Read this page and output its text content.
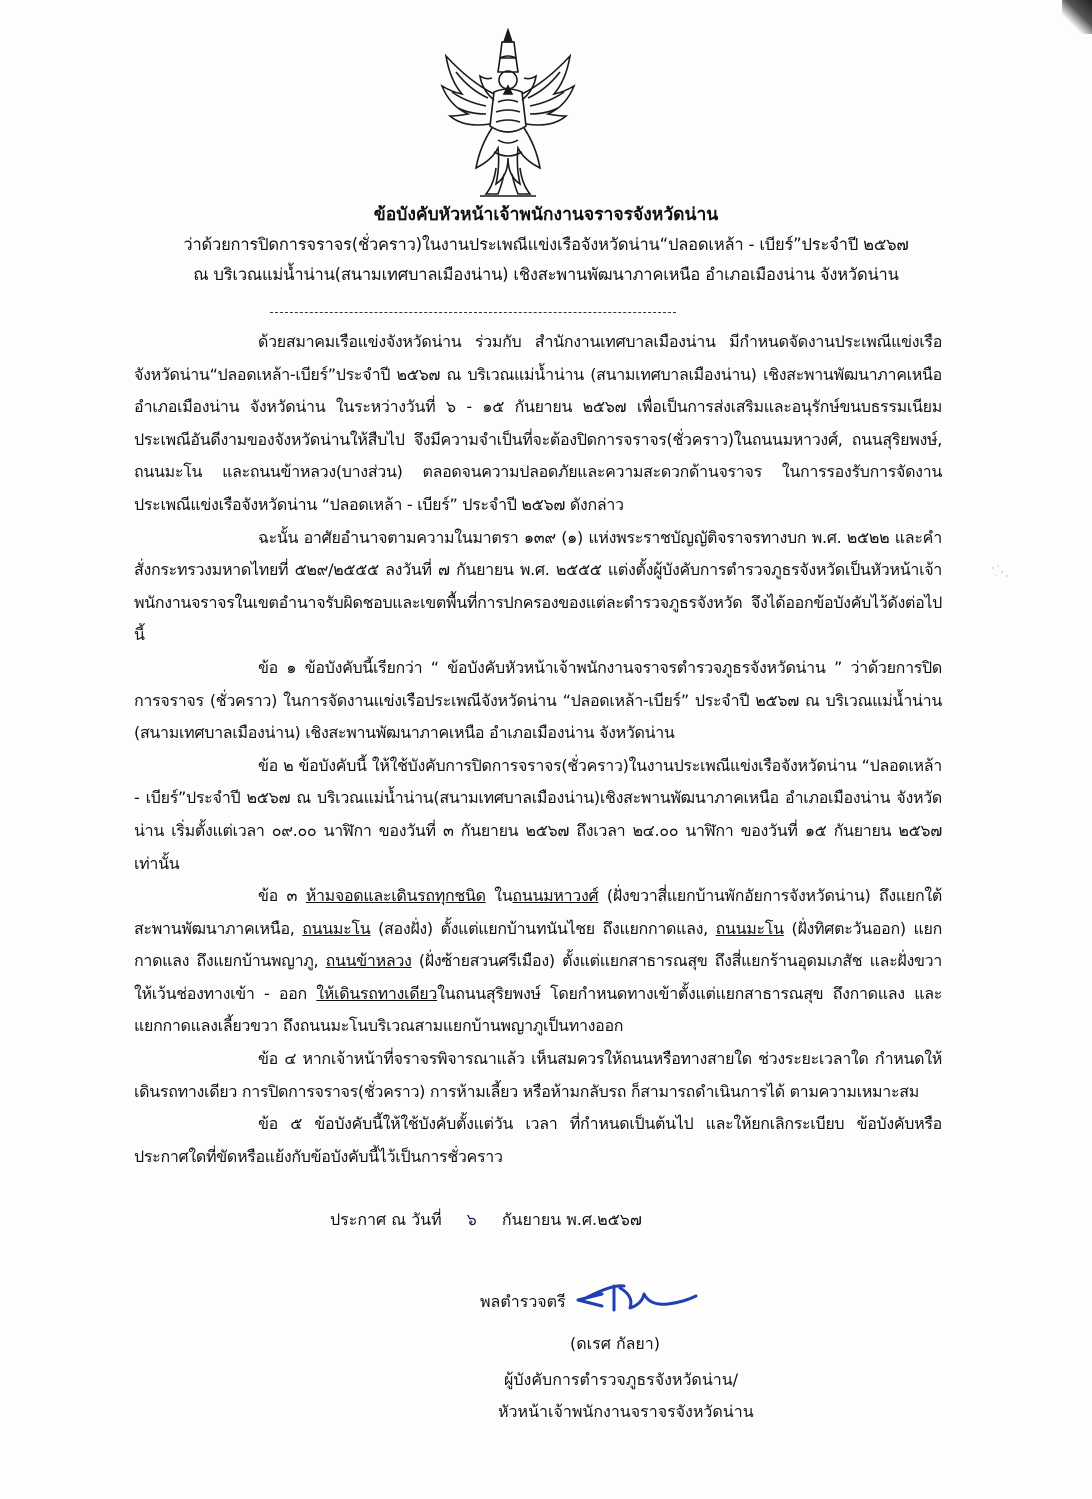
ข้อบังคับหัวหน้าเจ้าพนักงานจราจรจังหวัดน่าน
ว่าด้วยการปิดการจราจร(ชั่วคราว)ในงานประเพณีแข่งเรือจังหวัดน่าน“ปลอดเหล้า - เบียร์”ประจำปี ๒๕๖๗
ณ บริเวณแม่น้ำน่าน(สนามเทศบาลเมืองน่าน) เชิงสะพานพัฒนาภาคเหนือ อำเภอเมืองน่าน จังหวัดน่าน

ด้วยสมาคมเรือแข่งจังหวัดน่าน ร่วมกับ สำนักงานเทศบาลเมืองน่าน มีกำหนดจัดงานประเพณีแข่งเรือจังหวัดน่าน“ปลอดเหล้า-เบียร์”ประจำปี ๒๕๖๗ ณ บริเวณแม่น้ำน่าน (สนามเทศบาลเมืองน่าน) เชิงสะพานพัฒนาภาคเหนือ อำเภอเมืองน่าน จังหวัดน่าน ในระหว่างวันที่ ๖ - ๑๕ กันยายน ๒๕๖๗ เพื่อเป็นการส่งเสริมและอนุรักษ์ขนบธรรมเนียมประเพณีอันดีงามของจังหวัดน่านให้สืบไป จึงมีความจำเป็นที่จะต้องปิดการจราจร(ชั่วคราว)ในถนนมหาวงศ์, ถนนสุริยพงษ์, ถนนมะโน และถนนข้าหลวง(บางส่วน) ตลอดจนความปลอดภัยและความสะดวกด้านจราจร ในการรองรับการจัดงานประเพณีแข่งเรือจังหวัดน่าน “ปลอดเหล้า - เบียร์” ประจำปี ๒๕๖๗ ดังกล่าว

ฉะนั้น อาศัยอำนาจตามความในมาตรา ๑๓๙ (๑) แห่งพระราชบัญญัติจราจรทางบก พ.ศ. ๒๕๒๒ และคำสั่งกระทรวงมหาดไทยที่ ๕๒๙/๒๕๕๕ ลงวันที่ ๗ กันยายน พ.ศ. ๒๕๕๕ แต่งตั้งผู้บังคับการตำรวจภูธรจังหวัดเป็นหัวหน้าเจ้าพนักงานจราจรในเขตอำนาจรับผิดชอบและเขตพื้นที่การปกครองของแต่ละตำรวจภูธรจังหวัด จึงได้ออกข้อบังคับไว้ดังต่อไปนี้

ข้อ ๑ ข้อบังคับนี้เรียกว่า “ ข้อบังคับหัวหน้าเจ้าพนักงานจราจรตำรวจภูธรจังหวัดน่าน ” ว่าด้วยการปิดการจราจร (ชั่วคราว) ในการจัดงานแข่งเรือประเพณีจังหวัดน่าน “ปลอดเหล้า-เบียร์” ประจำปี ๒๕๖๗ ณ บริเวณแม่น้ำน่าน (สนามเทศบาลเมืองน่าน) เชิงสะพานพัฒนาภาคเหนือ อำเภอเมืองน่าน จังหวัดน่าน

ข้อ ๒ ข้อบังคับนี้ ให้ใช้บังคับการปิดการจราจร(ชั่วคราว)ในงานประเพณีแข่งเรือจังหวัดน่าน “ปลอดเหล้า - เบียร์”ประจำปี ๒๕๖๗ ณ บริเวณแม่น้ำน่าน(สนามเทศบาลเมืองน่าน)เชิงสะพานพัฒนาภาคเหนือ อำเภอเมืองน่าน จังหวัดน่าน เริ่มตั้งแต่เวลา ๐๙.๐๐ นาฬิกา ของวันที่ ๓ กันยายน ๒๕๖๗ ถึงเวลา ๒๔.๐๐ นาฬิกา ของวันที่ ๑๕ กันยายน ๒๕๖๗ เท่านั้น

ข้อ ๓ ห้ามจอดและเดินรถทุกชนิด ในถนนมหาวงศ์ (ฝั่งขวาสี่แยกบ้านพักอัยการจังหวัดน่าน) ถึงแยกใต้สะพานพัฒนาภาคเหนือ, ถนนมะโน (สองฝั่ง) ตั้งแต่แยกบ้านทนันไชย ถึงแยกกาดแลง, ถนนมะโน (ฝั่งทิศตะวันออก) แยกกาดแลง ถึงแยกบ้านพญาภู, ถนนข้าหลวง (ฝั่งซ้ายสวนศรีเมือง) ตั้งแต่แยกสาธารณสุข ถึงสี่แยกร้านอุดมเภสัช และฝั่งขวา ให้เว้นช่องทางเข้า - ออก ให้เดินรถทางเดียวในถนนสุริยพงษ์ โดยกำหนดทางเข้าตั้งแต่แยกสาธารณสุข ถึงกาดแลง และแยกกาดแลงเลี้ยวขวา ถึงถนนมะโนบริเวณสามแยกบ้านพญาภูเป็นทางออก

ข้อ ๔ หากเจ้าหน้าที่จราจรพิจารณาแล้ว เห็นสมควรให้ถนนหรือทางสายใด ช่วงระยะเวลาใด กำหนดให้เดินรถทางเดียว การปิดการจราจร(ชั่วคราว) การห้ามเลี้ยว หรือห้ามกลับรถ ก็สามารถดำเนินการได้ ตามความเหมาะสม

ข้อ ๕ ข้อบังคับนี้ให้ใช้บังคับตั้งแต่วัน เวลา ที่กำหนดเป็นต้นไป และให้ยกเลิกระเบียบ ข้อบังคับหรือประกาศใดที่ขัดหรือแย้งกับข้อบังคับนี้ไว้เป็นการชั่วคราว

ประกาศ ณ วันที่ ๖ กันยายน พ.ศ.๒๕๖๗
พลตำรวจตรี
(ดเรศ กัลยา)
ผู้บังคับการตำรวจภูธรจังหวัดน่าน/
หัวหน้าเจ้าพนักงานจราจรจังหวัดน่าน
